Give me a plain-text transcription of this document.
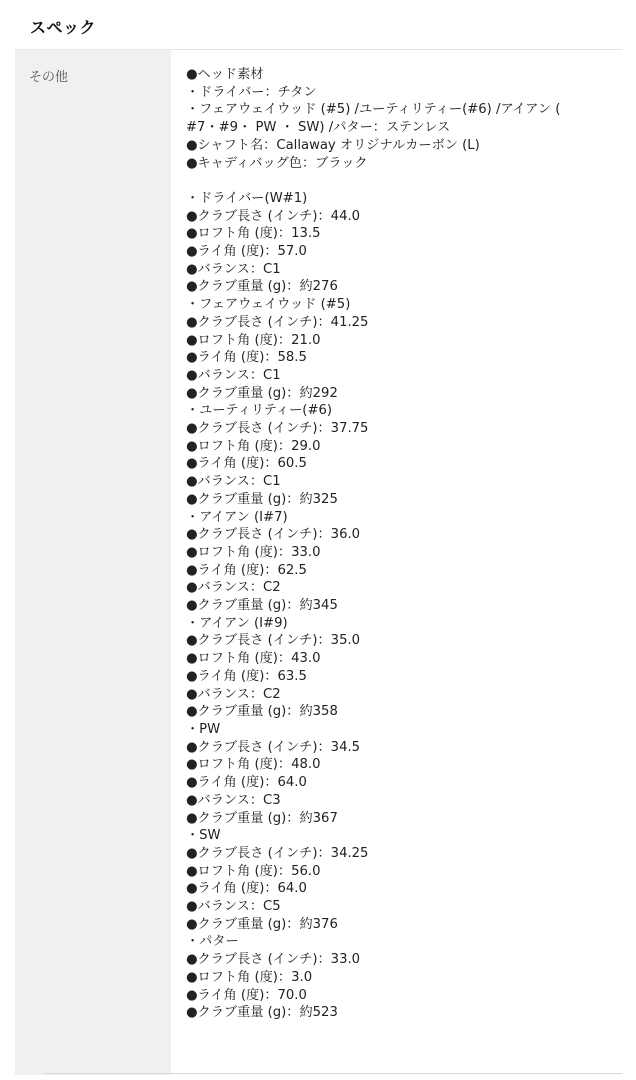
スペック
その他	●ヘッド素材
・ドライバー：チタン
・フェアウェイウッド (#5) /ユーティリティー(#6) /アイアン (
#7・#9・ PW ・ SW) /パター：ステンレス
●シャフト名：Callaway オリジナルカーボン (L)
●キャディバッグ色：ブラック
・ドライバー(W#1)
●クラブ長さ (インチ)：44.0
●ロフト角 (度)：13.5
●ライ角 (度)：57.0
●バランス：C1
●クラブ重量 (g)：約276
・フェアウェイウッド (#5)
●クラブ長さ (インチ)：41.25
●ロフト角 (度)：21.0
●ライ角 (度)：58.5
●バランス：C1
●クラブ重量 (g)：約292
・ユーティリティー(#6)
●クラブ長さ (インチ)：37.75
●ロフト角 (度)：29.0
●ライ角 (度)：60.5
●バランス：C1
●クラブ重量 (g)：約325
・アイアン (I#7)
●クラブ長さ (インチ)：36.0
●ロフト角 (度)：33.0
●ライ角 (度)：62.5
●バランス：C2
●クラブ重量 (g)：約345
・アイアン (I#9)
●クラブ長さ (インチ)：35.0
●ロフト角 (度)：43.0
●ライ角 (度)：63.5
●バランス：C2
●クラブ重量 (g)：約358
・PW
●クラブ長さ (インチ)：34.5
●ロフト角 (度)：48.0
●ライ角 (度)：64.0
●バランス：C3
●クラブ重量 (g)：約367
・SW
●クラブ長さ (インチ)：34.25
●ロフト角 (度)：56.0
●ライ角 (度)：64.0
●バランス：C5
●クラブ重量 (g)：約376
・パター
●クラブ長さ (インチ)：33.0
●ロフト角 (度)：3.0
●ライ角 (度)：70.0
●クラブ重量 (g)：約523
